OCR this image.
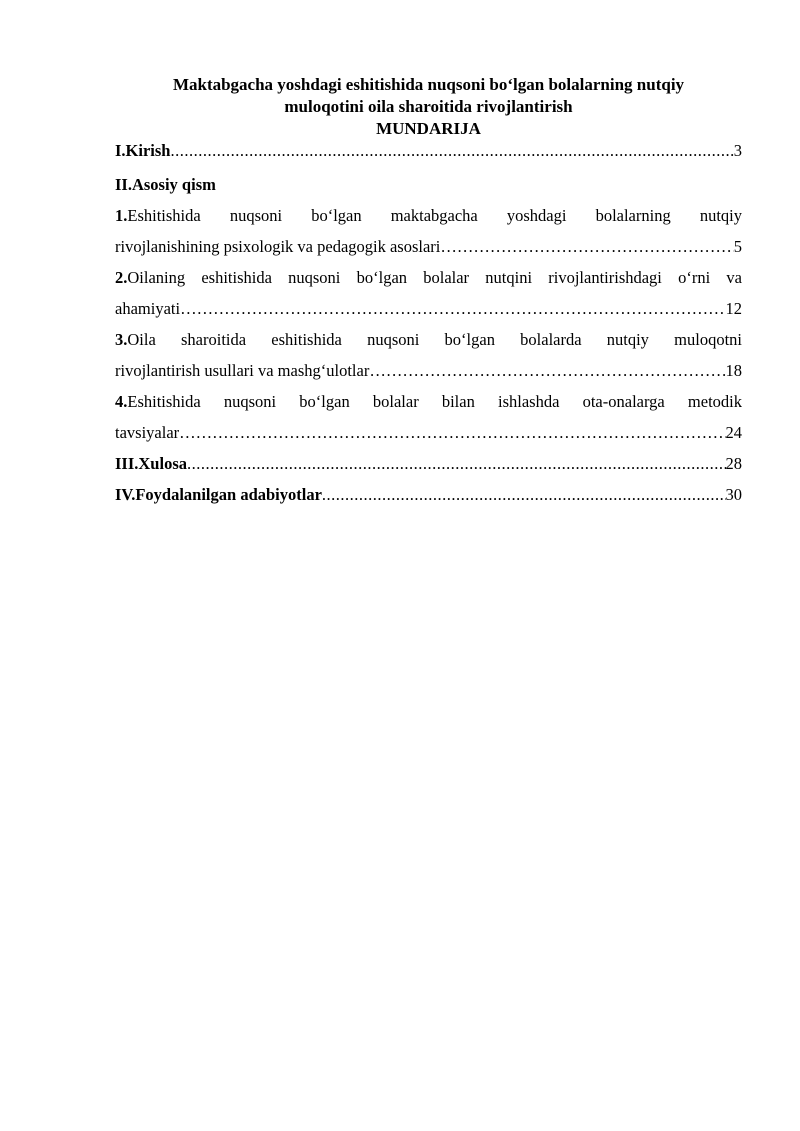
Maktabgacha yoshdagi eshitishida nuqsoni bo‘lgan bolalarning nutqiy

muloqotini oila sharoitida rivojlantirish

MUNDARIJA

I.Kirish .....	3
II.Asosiy qism
1.Eshitishida nuqsoni bo‘lgan maktabgacha yoshdagi bolalarning nutqiy
rivojlanishining psixologik va pedagogik asoslari ………………………………………………………………………………………………………………………………………………………………………………………………	5
2.Oilaning eshitishida nuqsoni bo‘lgan bolalar nutqini rivojlantirishdagi o‘rni va
ahamiyati ………………………………………………………………………………………………………………………………………………………………………………………………	12
3.Oila sharoitida eshitishida nuqsoni bo‘lgan bolalarda nutqiy muloqotni
rivojlantirish usullari va mashg‘ulotlar ………………………………………………………………………………………………………………………………………………………………………………………………	18
4.Eshitishida nuqsoni bo‘lgan bolalar bilan ishlashda ota-onalarga metodik
tavsiyalar ………………………………………………………………………………………………………………………………………………………………………………………………	24
III.Xulosa .....	28
IV.Foydalanilgan adabiyotlar .....	30
